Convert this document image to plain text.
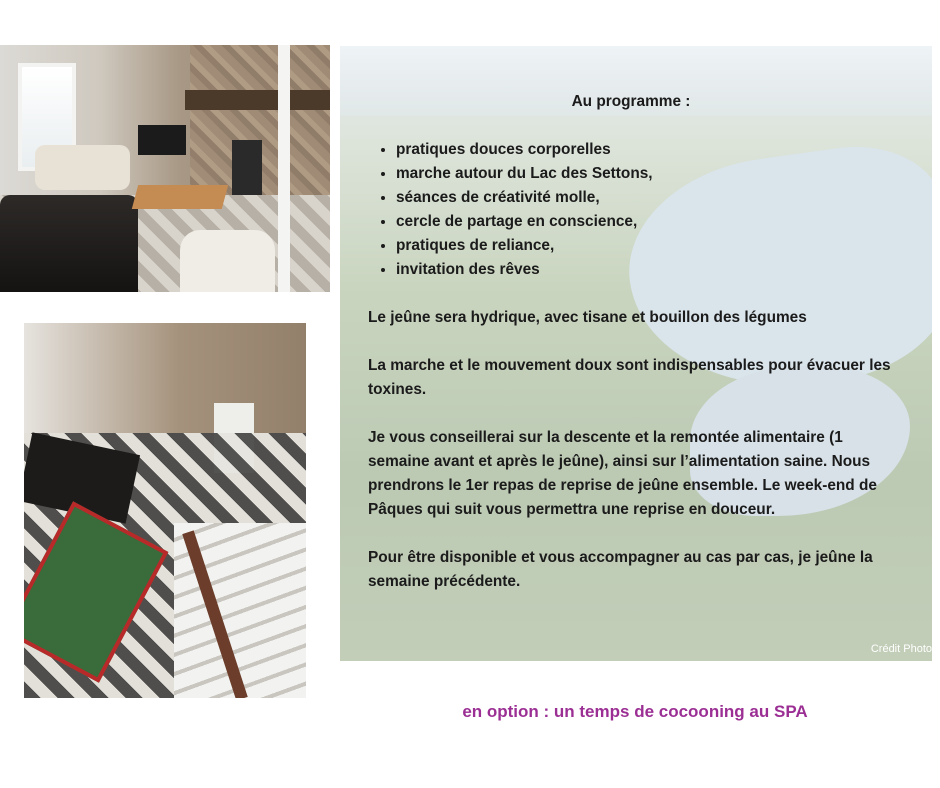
Crédit Photo
Au programme :
• pratiques douces corporelles
• marche autour du Lac des Settons,
• séances de créativité molle,
• cercle de partage en conscience,
• pratiques de reliance,
• invitation des rêves

Le jeûne sera hydrique, avec tisane et bouillon des légumes

La marche et le mouvement doux sont indispensables pour évacuer les toxines.

Je vous conseillerai sur la descente et la remontée alimentaire (1 semaine avant et après le jeûne), ainsi sur l’alimentation saine. Nous prendrons le 1er repas de reprise de jeûne ensemble. Le week-end de Pâques qui suit vous permettra une reprise en douceur.

Pour être disponible et vous accompagner au cas par cas, je jeûne la semaine précédente.

en option : un temps de cocooning au SPA
